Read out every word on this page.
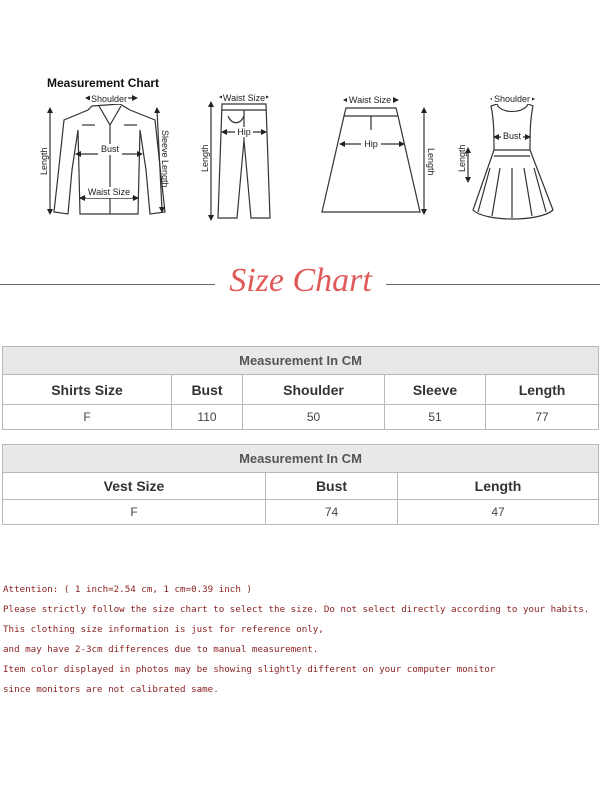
Measurement Chart
Shoulder
Bust
Waist Size
Length	Sleeve Length
Waist Size
Hip
Length
Waist Size
Hip
Length
Shoulder
Bust
Length
Size Chart
Measurement In CM				
Shirts Size	Bust	Shoulder	Sleeve	Length
F	110	50	51	77
Measurement In CM		
Vest Size	Bust	Length
F	74	47
Attention: ( 1 inch=2.54 cm, 1 cm=0.39 inch )
Please strictly follow the size chart to select the size. Do not select directly according to your habits.
This clothing size information is just for reference only,
and may have 2-3cm differences due to manual measurement.
Item color displayed in photos may be showing slightly different on your computer monitor
since monitors are not calibrated same.
